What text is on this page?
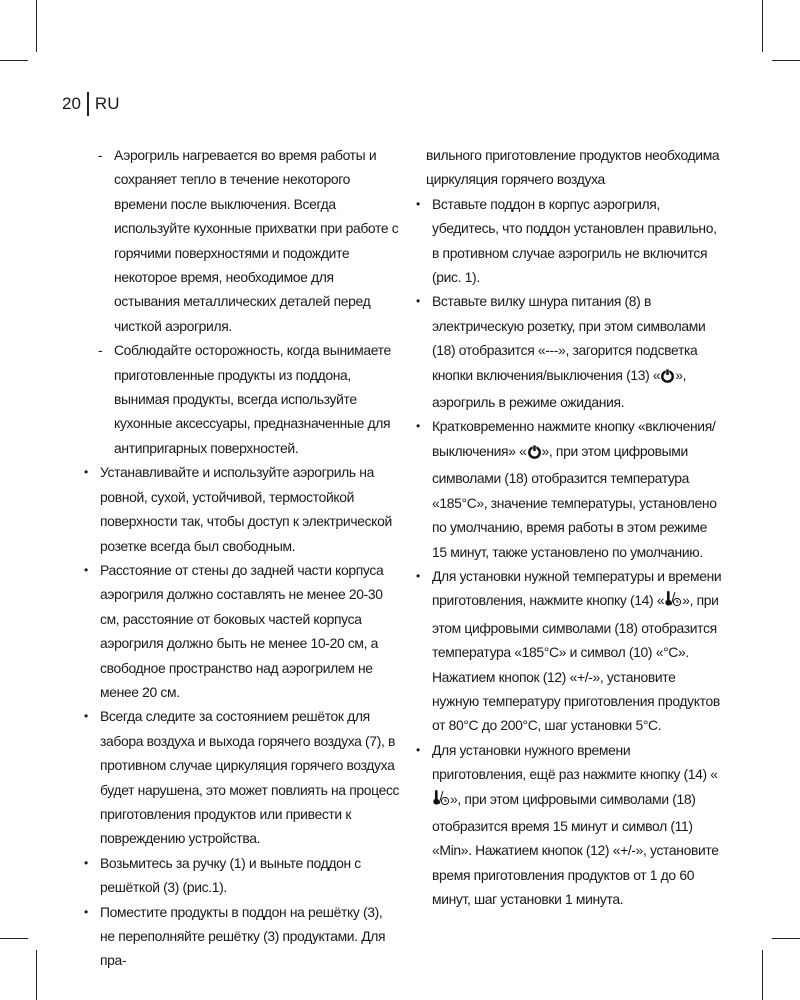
20 RU
- Аэрогриль нагревается во время работы и сохраняет тепло в течение некоторого времени после выключения. Всегда используйте кухонные прихватки при работе с горячими поверхностями и подождите некоторое время, необходимое для остывания металлических деталей перед чисткой аэрогриля.
- Соблюдайте осторожность, когда вынимаете приготовленные продукты из поддона, вынимая продукты, всегда используйте кухонные аксессуары, предназначенные для антипригарных поверхностей.
• Устанавливайте и используйте аэрогриль на ровной, сухой, устойчивой, термостойкой поверхности так, чтобы доступ к электрической розетке всегда был свободным.
• Расстояние от стены до задней части корпуса аэрогриля должно составлять не менее 20-30 см, расстояние от боковых частей корпуса аэрогриля должно быть не менее 10-20 см, а свободное пространство над аэрогрилем не менее 20 см.
• Всегда следите за состоянием решёток для забора воздуха и выхода горячего воздуха (7), в противном случае циркуляция горячего воздуха будет нарушена, это может повлиять на процесс приготовления продуктов или привести к повреждению устройства.
• Возьмитесь за ручку (1) и выньте поддон с решёткой (3) (рис.1).
• Поместите продукты в поддон на решётку (3), не переполняйте решётку (3) продуктами. Для пра-
вильного приготовление продуктов необходима циркуляция горячего воздуха
• Вставьте поддон в корпус аэрогриля, убедитесь, что поддон установлен правильно, в противном случае аэрогриль не включится (рис. 1).
• Вставьте вилку шнура питания (8) в электрическую розетку, при этом символами (18) отобразится «---», загорится подсветка кнопки включения/выключения (13) « », аэрогриль в режиме ожидания.
• Кратковременно нажмите кнопку «включения/выключения» « », при этом цифровыми символами (18) отобразится температура «185°C», значение температуры, установлено по умолчанию, время работы в этом режиме 15 минут, также установлено по умолчанию.
• Для установки нужной температуры и времени приготовления, нажмите кнопку (14) « », при этом цифровыми символами (18) отобразится температура «185°C» и символ (10) «°C». Нажатием кнопок (12) «+/-», установите нужную температуру приготовления продуктов от 80°C до 200°C, шаг установки 5°C.
• Для установки нужного времени приготовления, ещё раз нажмите кнопку (14) «», при этом цифровыми символами (18) отобразится время 15 минут и символ (11) «Min». Нажатием кнопок (12) «+/-», установите время приготовления продуктов от 1 до 60 минут, шаг установки 1 минута.
